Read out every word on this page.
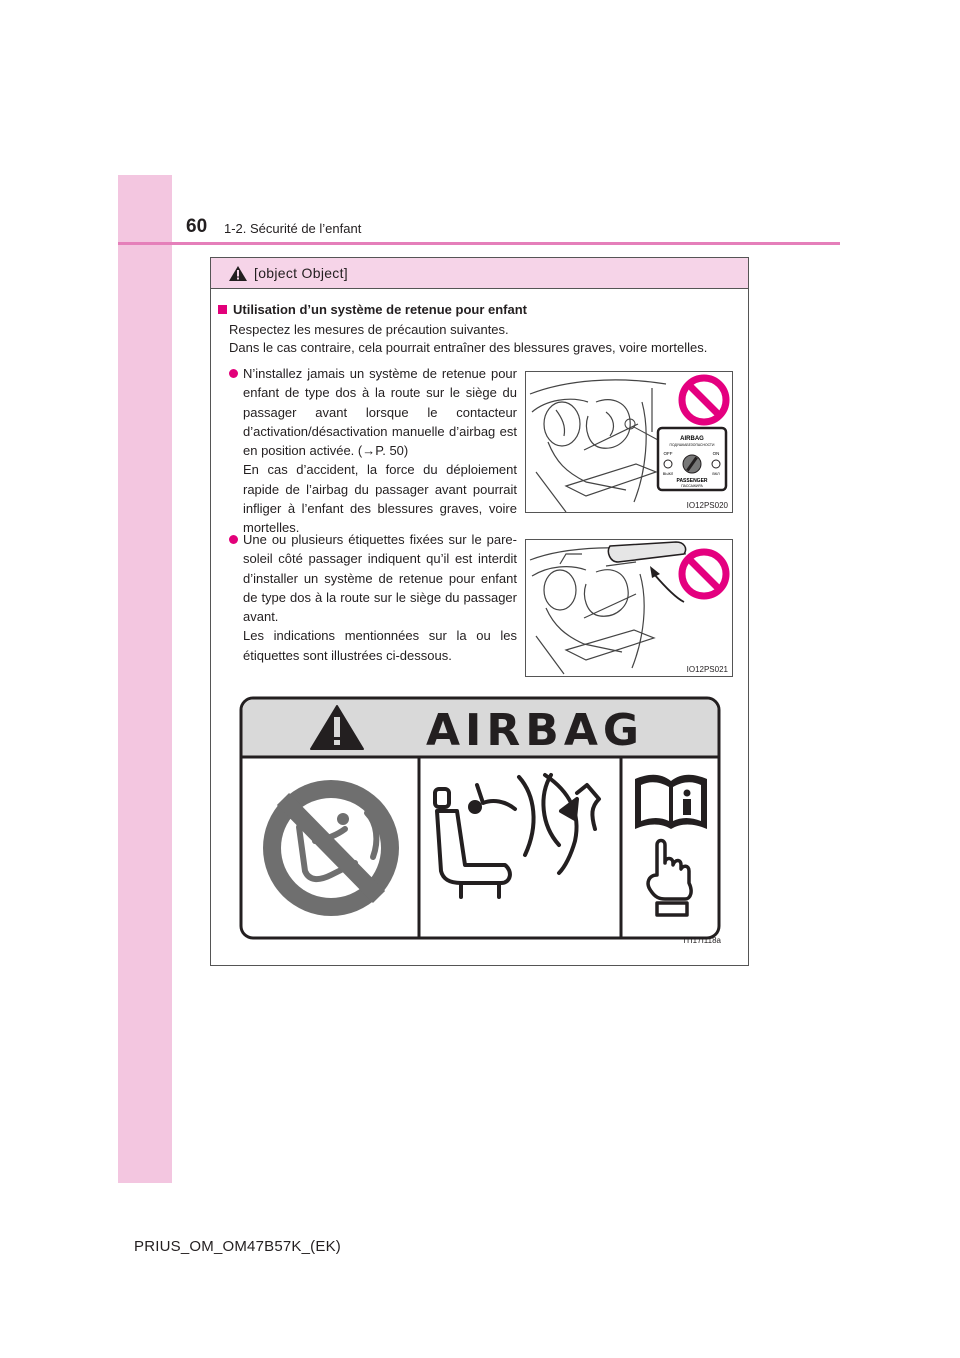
60 1-2. Sécurité de l’enfant
[object Object]
Utilisation d’un système de retenue pour enfant
Respectez les mesures de précaution suivantes.
Dans le cas contraire, cela pourrait entraîner des blessures graves, voire mortelles.
N’installez jamais un système de retenue pour enfant de type dos à la route sur le siège du passager avant lorsque le contacteur d’activation/désactivation manuelle d’airbag est en position activée. (→P. 50)
En cas d’accident, la force du déploiement rapide de l’airbag du passager avant pourrait infliger à l’enfant des blessures graves, voire mortelles.
AIRBAG
ПОДУШКАБЕЗОПАСНОСТИ
OFF	ON
ВЫКЛ	ВКЛ
PASSENGER
ПАССАЖИРА
IO12PS020
Une ou plusieurs étiquettes fixées sur le pare-soleil côté passager indiquent qu’il est interdit d’installer un système de retenue pour enfant de type dos à la route sur le siège du passager avant.
Les indications mentionnées sur la ou les étiquettes sont illustrées ci-dessous.
IO12PS021
AIRBAG
ITI17I118a
PRIUS_OM_OM47B57K_(EK)
